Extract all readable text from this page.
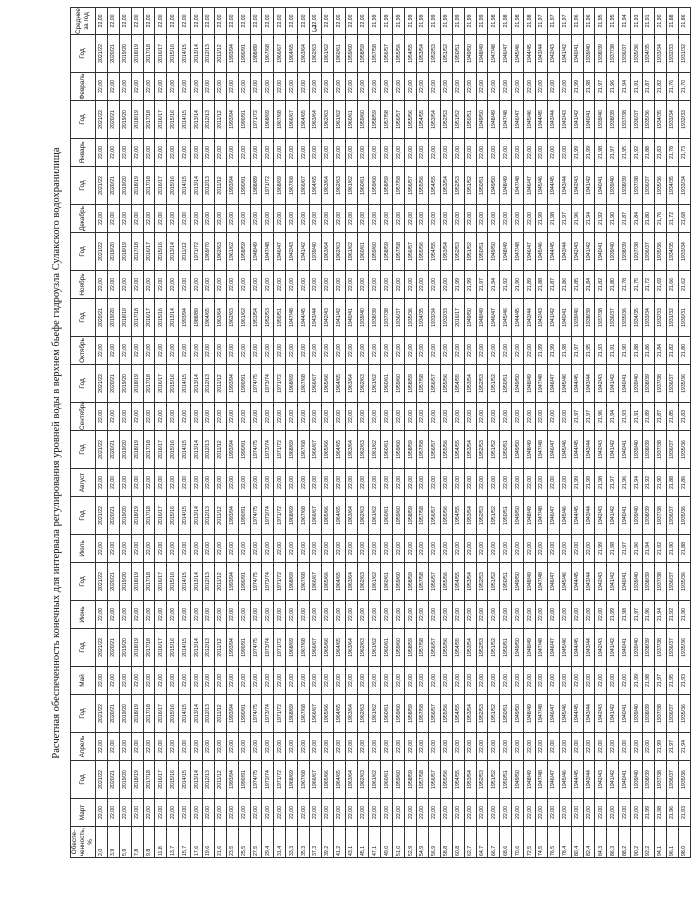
3
Расчетная обеспеченность конечных для интервала регулирования уровней воды в верхнем бьефе гидроузла Сулакского водохранилища
Обеспе-ченность, %	Март	Год	Апрель	Год	Май	Год	Июнь	Год	Июль	Год	Август	Год	Сентябрь	Год	Октябрь	Год	Ноябрь	Год	Декабрь	Год	Январь	Год	Февраль	Год	Среднее за год
2,0	22,00	2021/22	22,00	2021/22	22,00	2021/22	22,00	2021/22	22,00	2021/22	22,00	2021/22	22,00	2021/22	22,00	2020/21	22,00	2021/22	22,00	2021/22	22,00	2021/22	22,00	2021/22	22,00
3,9	22,00	2020/21	22,00	2020/21	22,00	2020/21	22,00	2020/21	22,00	2020/21	22,00	2020/21	22,00	2020/21	22,00	2019/20	22,00	2019/20	22,00	2020/21	22,00	2020/21	22,00	2020/21	22,00
5,9	22,00	2019/20	22,00	2019/20	22,00	2019/20	22,00	2019/20	22,00	2019/20	22,00	2019/20	22,00	2019/20	22,00	2018/19	22,00	2018/19	22,00	2019/20	22,00	2019/20	22,00	2019/20	22,00
7,8	22,00	2018/19	22,00	2018/19	22,00	2018/19	22,00	2018/19	22,00	2018/19	22,00	2018/19	22,00	2018/19	22,00	2017/18	22,00	2017/18	22,00	2018/19	22,00	2018/19	22,00	2018/19	22,00
9,8	22,00	2017/18	22,00	2017/18	22,00	2017/18	22,00	2017/18	22,00	2017/18	22,00	2017/18	22,00	2017/18	22,00	2016/17	22,00	2016/17	22,00	2017/18	22,00	2017/18	22,00	2017/18	22,00
11,8	22,00	2016/17	22,00	2016/17	22,00	2016/17	22,00	2016/17	22,00	2016/17	22,00	2016/17	22,00	2016/17	22,00	2015/16	22,00	2015/16	22,00	2016/17	22,00	2016/17	22,00	2016/17	22,00
13,7	22,00	2015/16	22,00	2015/16	22,00	2015/16	22,00	2015/16	22,00	2015/16	22,00	2015/16	22,00	2015/16	22,00	2013/14	22,00	2013/14	22,00	2015/16	22,00	2015/16	22,00	2015/16	22,00
15,7	22,00	2014/15	22,00	2014/15	22,00	2014/15	22,00	2014/15	22,00	2014/15	22,00	2014/15	22,00	2014/15	22,00	1993/94	22,00	2011/12	22,00	2014/15	22,00	2014/15	22,00	2014/15	22,00
17,6	22,00	2013/14	22,00	2013/14	22,00	2013/14	22,00	2013/14	22,00	2013/14	22,00	2013/14	22,00	2013/14	22,00	1988/89	22,00	1971/72	22,00	2013/14	22,00	2013/14	22,00	2013/14	22,00
19,6	22,00	2012/13	22,00	2012/13	22,00	2012/13	22,00	2012/13	22,00	2012/13	22,00	2012/13	22,00	2012/13	22,00	1964/65	22,00	1969/70	22,00	2012/13	22,00	2012/13	22,00	2012/13	22,00
21,6	22,00	2011/12	22,00	2011/12	22,00	2011/12	22,00	2011/12	22,00	2011/12	22,00	2011/12	22,00	2011/12	22,00	1963/64	22,00	1962/63	22,00	2011/12	22,00	2011/12	22,00	2011/12	22,00
23,5	22,00	1993/94	22,00	1993/94	22,00	1993/94	22,00	1993/94	22,00	1993/94	22,00	1993/94	22,00	1993/94	22,00	1962/63	22,00	1961/62	22,00	1993/94	22,00	1993/94	22,00	1993/94	22,00
25,5	22,00	1990/91	22,00	1990/91	22,00	1990/91	22,00	1990/91	22,00	1990/91	22,00	1990/91	22,00	1990/91	22,00	1961/62	22,00	1958/59	22,00	1990/91	22,00	1990/91	22,00	1990/91	22,00
27,5	22,00	1974/75	22,00	1974/75	22,00	1974/75	22,00	1974/75	22,00	1974/75	22,00	1974/75	22,00	1974/75	22,00	1953/54	22,00	1948/49	22,00	1988/89	22,00	1971/72	22,00	1988/89	22,00
29,4	22,00	1973/74	22,00	1973/74	22,00	1973/74	22,00	1973/74	22,00	1973/74	22,00	1973/74	22,00	1973/74	22,00	1952/53	22,00	1947/48	22,00	1971/72	22,00	1968/69	22,00	1967/68	22,00
31,4	22,00	1971/72	22,00	1971/72	22,00	1971/72	22,00	1971/72	22,00	1971/72	22,00	1971/72	22,00	1971/72	22,00	1950/51	22,00	1946/47	22,00	1968/69	22,00	1967/68	22,00	1966/67	22,00
33,3	22,00	1968/69	22,00	1968/69	22,00	1968/69	22,00	1968/69	22,00	1968/69	22,00	1968/69	22,00	1968/69	22,00	1947/48	22,00	1942/43	22,00	1967/68	22,00	1966/67	22,00	1964/65	22,00
35,3	22,00	1967/68	22,00	1967/68	22,00	1967/68	22,00	1967/68	22,00	1967/68	22,00	1967/68	22,00	1967/68	22,00	1944/45	22,00	1941/42	22,00	1966/67	22,00	1964/65	22,00	1963/64	22,00
37,3	22,00	1966/67	22,00	1966/67	22,00	1966/67	22,00	1966/67	22,00	1966/67	22,00	1966/67	22,00	1966/67	22,00	1943/44	22,00	1939/40	22,00	1964/65	22,00	1963/64	22,00	1962/63	22,00
39,2	22,00	1965/66	22,00	1965/66	22,00	1965/66	22,00	1965/66	22,00	1965/66	22,00	1965/66	22,00	1965/66	22,00	1942/43	22,00	1963/64	22,00	1963/64	22,00	1962/63	22,00	1961/62	22,00
41,2	22,00	1964/65	22,00	1964/65	22,00	1964/65	22,00	1964/65	22,00	1964/65	22,00	1964/65	22,00	1964/65	22,00	1941/42	22,00	1962/63	22,00	1962/63	22,00	1961/62	22,00	1960/61	22,00
43,1	22,00	1963/64	22,00	1963/64	22,00	1963/64	22,00	1963/64	22,00	1963/64	22,00	1963/64	22,00	1963/64	22,00	1940/41	22,00	1961/62	22,00	1961/62	22,00	1960/61	22,00	1959/60	22,00
45,1	22,00	1962/63	22,00	1962/63	22,00	1962/63	22,00	1962/63	22,00	1962/63	22,00	1962/63	22,00	1962/63	22,00	1939/40	22,00	1960/61	22,00	1960/61	22,00	1959/60	22,00	1958/59	22,00
47,1	22,00	1961/62	22,00	1961/62	22,00	1961/62	22,00	1961/62	22,00	1961/62	22,00	1961/62	22,00	1961/62	22,00	1938/39	22,00	1959/60	22,00	1959/60	22,00	1958/59	22,00	1957/58	21,99
49,0	22,00	1960/61	22,00	1960/61	22,00	1960/61	22,00	1960/61	22,00	1960/61	22,00	1960/61	22,00	1960/61	22,00	1937/38	22,00	1958/59	22,00	1958/59	22,00	1957/58	22,00	1956/57	21,99
51,0	22,00	1959/60	22,00	1959/60	22,00	1959/60	22,00	1959/60	22,00	1959/60	22,00	1959/60	22,00	1959/60	22,00	1936/37	22,00	1957/58	22,00	1957/58	22,00	1956/57	22,00	1955/56	21,99
52,9	22,00	1958/59	22,00	1958/59	22,00	1958/59	22,00	1958/59	22,00	1958/59	22,00	1958/59	22,00	1958/59	22,00	1935/36	22,00	1956/57	22,00	1956/57	22,00	1955/56	22,00	1954/55	21,99
54,9	22,00	1957/58	22,00	1957/58	22,00	1957/58	22,00	1957/58	22,00	1957/58	22,00	1957/58	22,00	1957/58	22,00	1934/35	22,00	1955/56	22,00	1955/56	22,00	1954/55	22,00	1953/54	21,99
56,9	22,00	1956/57	22,00	1956/57	22,00	1956/57	22,00	1956/57	22,00	1956/57	22,00	1956/57	22,00	1956/57	22,00	1933/34	22,00	1954/55	22,00	1954/55	22,00	1953/54	22,00	1952/53	21,99
58,8	22,00	1955/56	22,00	1955/56	22,00	1955/56	22,00	1955/56	22,00	1955/56	22,00	1955/56	22,00	1955/56	22,00	1932/33	22,00	1953/54	22,00	1953/54	22,00	1952/53	22,00	1951/52	21,99
60,8	22,00	1954/55	22,00	1954/55	22,00	1954/55	22,00	1954/55	22,00	1954/55	22,00	1954/55	22,00	1954/55	22,00	2016/17	21,99	1952/53	22,00	1952/53	22,00	1951/52	22,00	1950/51	21,99
62,7	22,00	1953/54	22,00	1953/54	22,00	1953/54	22,00	1953/54	22,00	1953/54	22,00	1953/54	22,00	1953/54	22,00	1949/50	21,99	1951/52	22,00	1951/52	22,00	1950/51	22,00	1949/50	21,99
64,7	22,00	1952/53	22,00	1952/53	22,00	1952/53	22,00	1952/53	22,00	1952/53	22,00	1952/53	22,00	1952/53	22,00	1948/49	21,97	1950/51	22,00	1950/51	22,00	1949/50	22,00	1948/49	21,99
66,7	22,00	1951/52	22,00	1951/52	22,00	1951/52	22,00	1951/52	22,00	1951/52	22,00	1951/52	22,00	1951/52	22,00	1946/47	21,94	1949/50	22,00	1949/50	22,00	1948/49	22,00	1947/48	21,98
68,6	22,00	1950/51	22,00	1950/51	22,00	1950/51	22,00	1950/51	22,00	1950/51	22,00	1950/51	22,00	1950/51	22,00	1945/46	21,92	1948/49	22,00	1948/49	22,00	1947/48	22,00	1946/47	21,98
70,6	22,00	1949/50	22,00	1949/50	22,00	1949/50	22,00	1949/50	22,00	1949/50	22,00	1949/50	22,00	1949/50	22,00	1944/45	21,90	1947/48	22,00	1947/48	22,00	1946/47	22,00	1945/46	21,98
72,5	22,00	1948/49	22,00	1948/49	22,00	1948/49	22,00	1948/49	22,00	1948/49	22,00	1948/49	22,00	1948/49	22,00	1943/44	21,89	1946/47	22,00	1946/47	22,00	1945/46	22,00	1944/45	21,98
74,5	22,00	1947/48	22,00	1947/48	22,00	1947/48	22,00	1947/48	22,00	1947/48	22,00	1947/48	22,00	1947/48	21,99	1942/43	21,88	1945/46	21,99	1945/46	22,00	1944/45	22,00	1943/44	21,97
76,5	22,00	1946/47	22,00	1946/47	22,00	1946/47	22,00	1946/47	22,00	1946/47	22,00	1946/47	22,00	1946/47	21,99	1941/42	21,87	1944/45	21,98	1944/45	22,00	1943/44	22,00	1942/43	21,97
78,4	22,00	1945/46	22,00	1945/46	22,00	1945/46	22,00	1945/46	22,00	1945/46	22,00	1945/46	22,00	1945/46	21,98	1940/41	21,86	1943/44	21,97	1943/44	22,00	1942/43	22,00	1941/42	21,97
80,4	22,00	1944/45	22,00	1944/45	22,00	1944/45	22,00	1944/45	22,00	1944/45	21,99	1944/45	21,97	1944/45	21,97	1939/40	21,85	1942/43	21,96	1942/43	21,99	1941/42	21,99	1940/41	21,96
82,4	22,00	1943/44	22,00	1943/44	22,00	1943/44	22,00	1943/44	22,00	1943/44	21,99	1943/44	21,97	1943/44	21,95	1938/39	21,84	1941/42	21,94	1941/42	21,99	1940/41	21,98	1939/40	21,96
84,3	22,00	1942/43	22,00	1942/43	22,00	1942/43	22,00	1942/43	21,99	1942/43	21,98	1942/43	21,96	1942/43	21,93	1937/38	21,82	1940/41	21,92	1940/41	21,98	1939/40	21,97	1938/39	21,95
86,3	22,00	1941/42	22,00	1941/42	22,00	1941/42	21,99	1941/42	21,98	1941/42	21,97	1941/42	21,94	1941/42	21,91	1936/37	21,80	1939/40	21,90	1939/40	21,97	1938/39	21,96	1937/38	21,95
88,2	22,00	1940/41	22,00	1940/41	22,00	1940/41	21,98	1940/41	21,97	1940/41	21,96	1940/41	21,93	1940/41	21,90	1935/36	21,78	1938/39	21,87	1938/39	21,95	1937/38	21,94	1936/37	21,94
90,2	22,00	1939/40	22,00	1939/40	21,99	1939/40	21,97	1939/40	21,96	1939/40	21,94	1939/40	21,91	1939/40	21,88	1934/35	21,75	1937/38	21,84	1937/38	21,92	1936/37	21,91	1935/36	21,93
92,2	21,99	1938/39	22,00	1938/39	21,98	1938/39	21,96	1938/39	21,94	1938/39	21,92	1938/39	21,89	1938/39	21,86	1933/34	21,72	1936/37	21,80	1936/37	21,88	1935/36	21,87	1934/35	21,91
94,1	21,98	1937/38	21,99	1937/38	21,97	1937/38	21,94	1937/38	21,92	1937/38	21,90	1937/38	21,87	1937/38	21,84	1932/33	21,69	1935/36	21,76	1935/36	21,83	1934/35	21,82	1933/34	21,90
96,1	21,96	1936/37	21,97	1936/37	21,95	1936/37	21,92	1936/37	21,90	1936/37	21,88	1936/37	21,85	1936/37	21,82	1931/32	21,66	1934/35	21,72	1934/35	21,78	1933/34	21,76	1932/33	21,88
98,0	21,93	1935/36	21,94	1935/36	21,93	1935/36	21,90	1935/36	21,88	1935/36	21,86	1935/36	21,83	1935/36	21,80	1930/31	21,62	1933/34	21,68	1933/34	21,73	1932/33	21,70	1931/32	21,86
